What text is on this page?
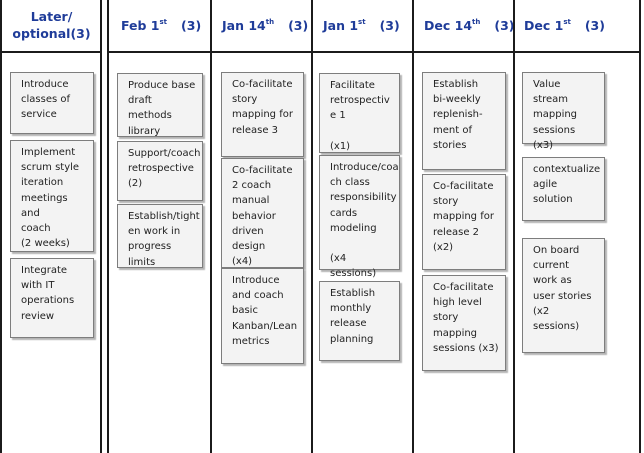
Later/
optional(3)
Introduce
classes of
service
Implement
scrum style
iteration
meetings and
coach
(2 weeks)
Integrate
with IT
operations
review
Feb 1st (3)
Produce base
draft methods
library
Support/coach
retrospective
(2)
Establish/tight
en work in
progress limits
Jan 14th (3)
Co-facilitate
story
mapping for
release 3
Co-facilitate
2 coach
manual
behavior
driven design
(x4)
Introduce
and coach
basic
Kanban/Lean
metrics
Jan 1st (3)
Facilitate
retrospectiv
e 1
(x1)
Introduce/coa
ch class
responsibility
cards modeling

(x4 sessions)
Establish
monthly
release
planning
Dec 14th (3)
Establish
bi-weekly
replenish-
ment of
stories
Co-facilitate
story
mapping for
release 2
(x2)
Co-facilitate
high level
story
mapping
sessions (x3)
Dec 1st (3)
Value stream
mapping
sessions (x3)
contextualize
agile solution
On board
current
work as
user stories
(x2
sessions)
